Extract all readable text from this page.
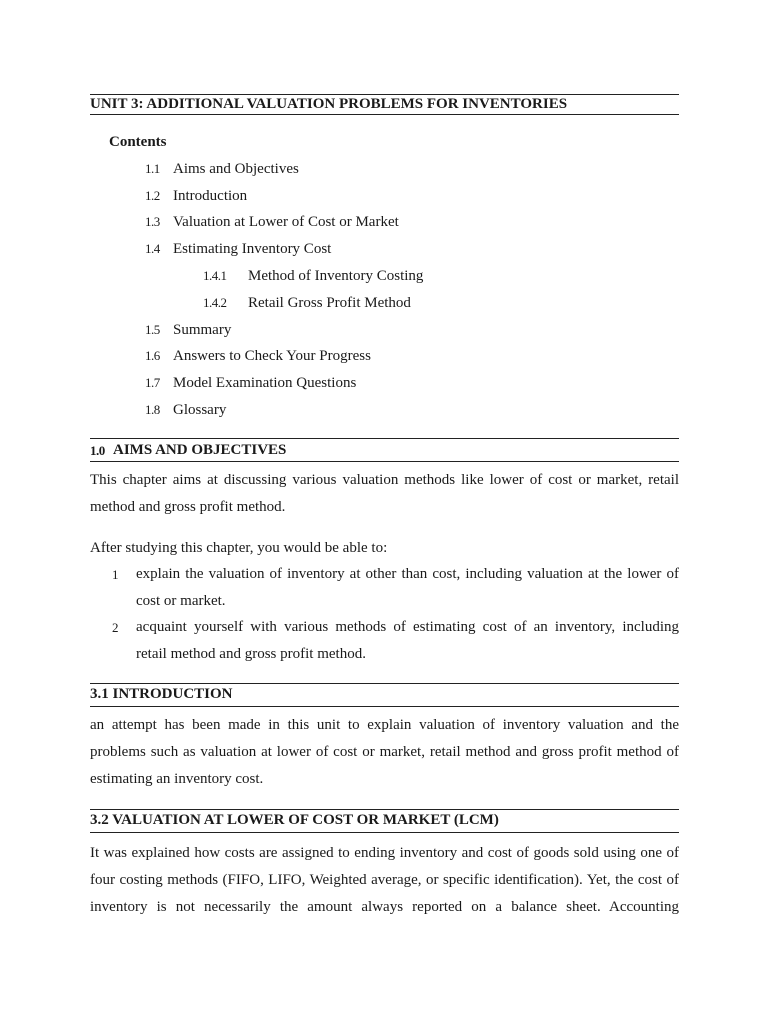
UNIT 3: ADDITIONAL VALUATION PROBLEMS FOR INVENTORIES
Contents
1.1 Aims and Objectives
1.2 Introduction
1.3 Valuation at Lower of Cost or Market
1.4 Estimating Inventory Cost
1.4.1 Method of Inventory Costing
1.4.2 Retail Gross Profit Method
1.5 Summary
1.6 Answers to Check Your Progress
1.7 Model Examination Questions
1.8 Glossary
1.0 AIMS AND OBJECTIVES
This chapter aims at discussing various valuation methods like lower of cost or market, retail
method and gross profit method.
After studying this chapter, you would be able to:
1 explain the valuation of inventory at other than cost, including valuation at the lower of
cost or market.
2 acquaint yourself with various methods of estimating cost of an inventory, including
retail method and gross profit method.
3.1 INTRODUCTION
an attempt has been made in this unit to explain valuation of inventory valuation and the
problems such as valuation at lower of cost or market, retail method and gross profit method of
estimating an inventory cost.
3.2 VALUATION AT LOWER OF COST OR MARKET (LCM)
It was explained how costs are assigned to ending inventory and cost of goods sold using one of
four costing methods (FIFO, LIFO, Weighted average, or specific identification). Yet, the cost of
inventory is not necessarily the amount always reported on a balance sheet. Accounting
